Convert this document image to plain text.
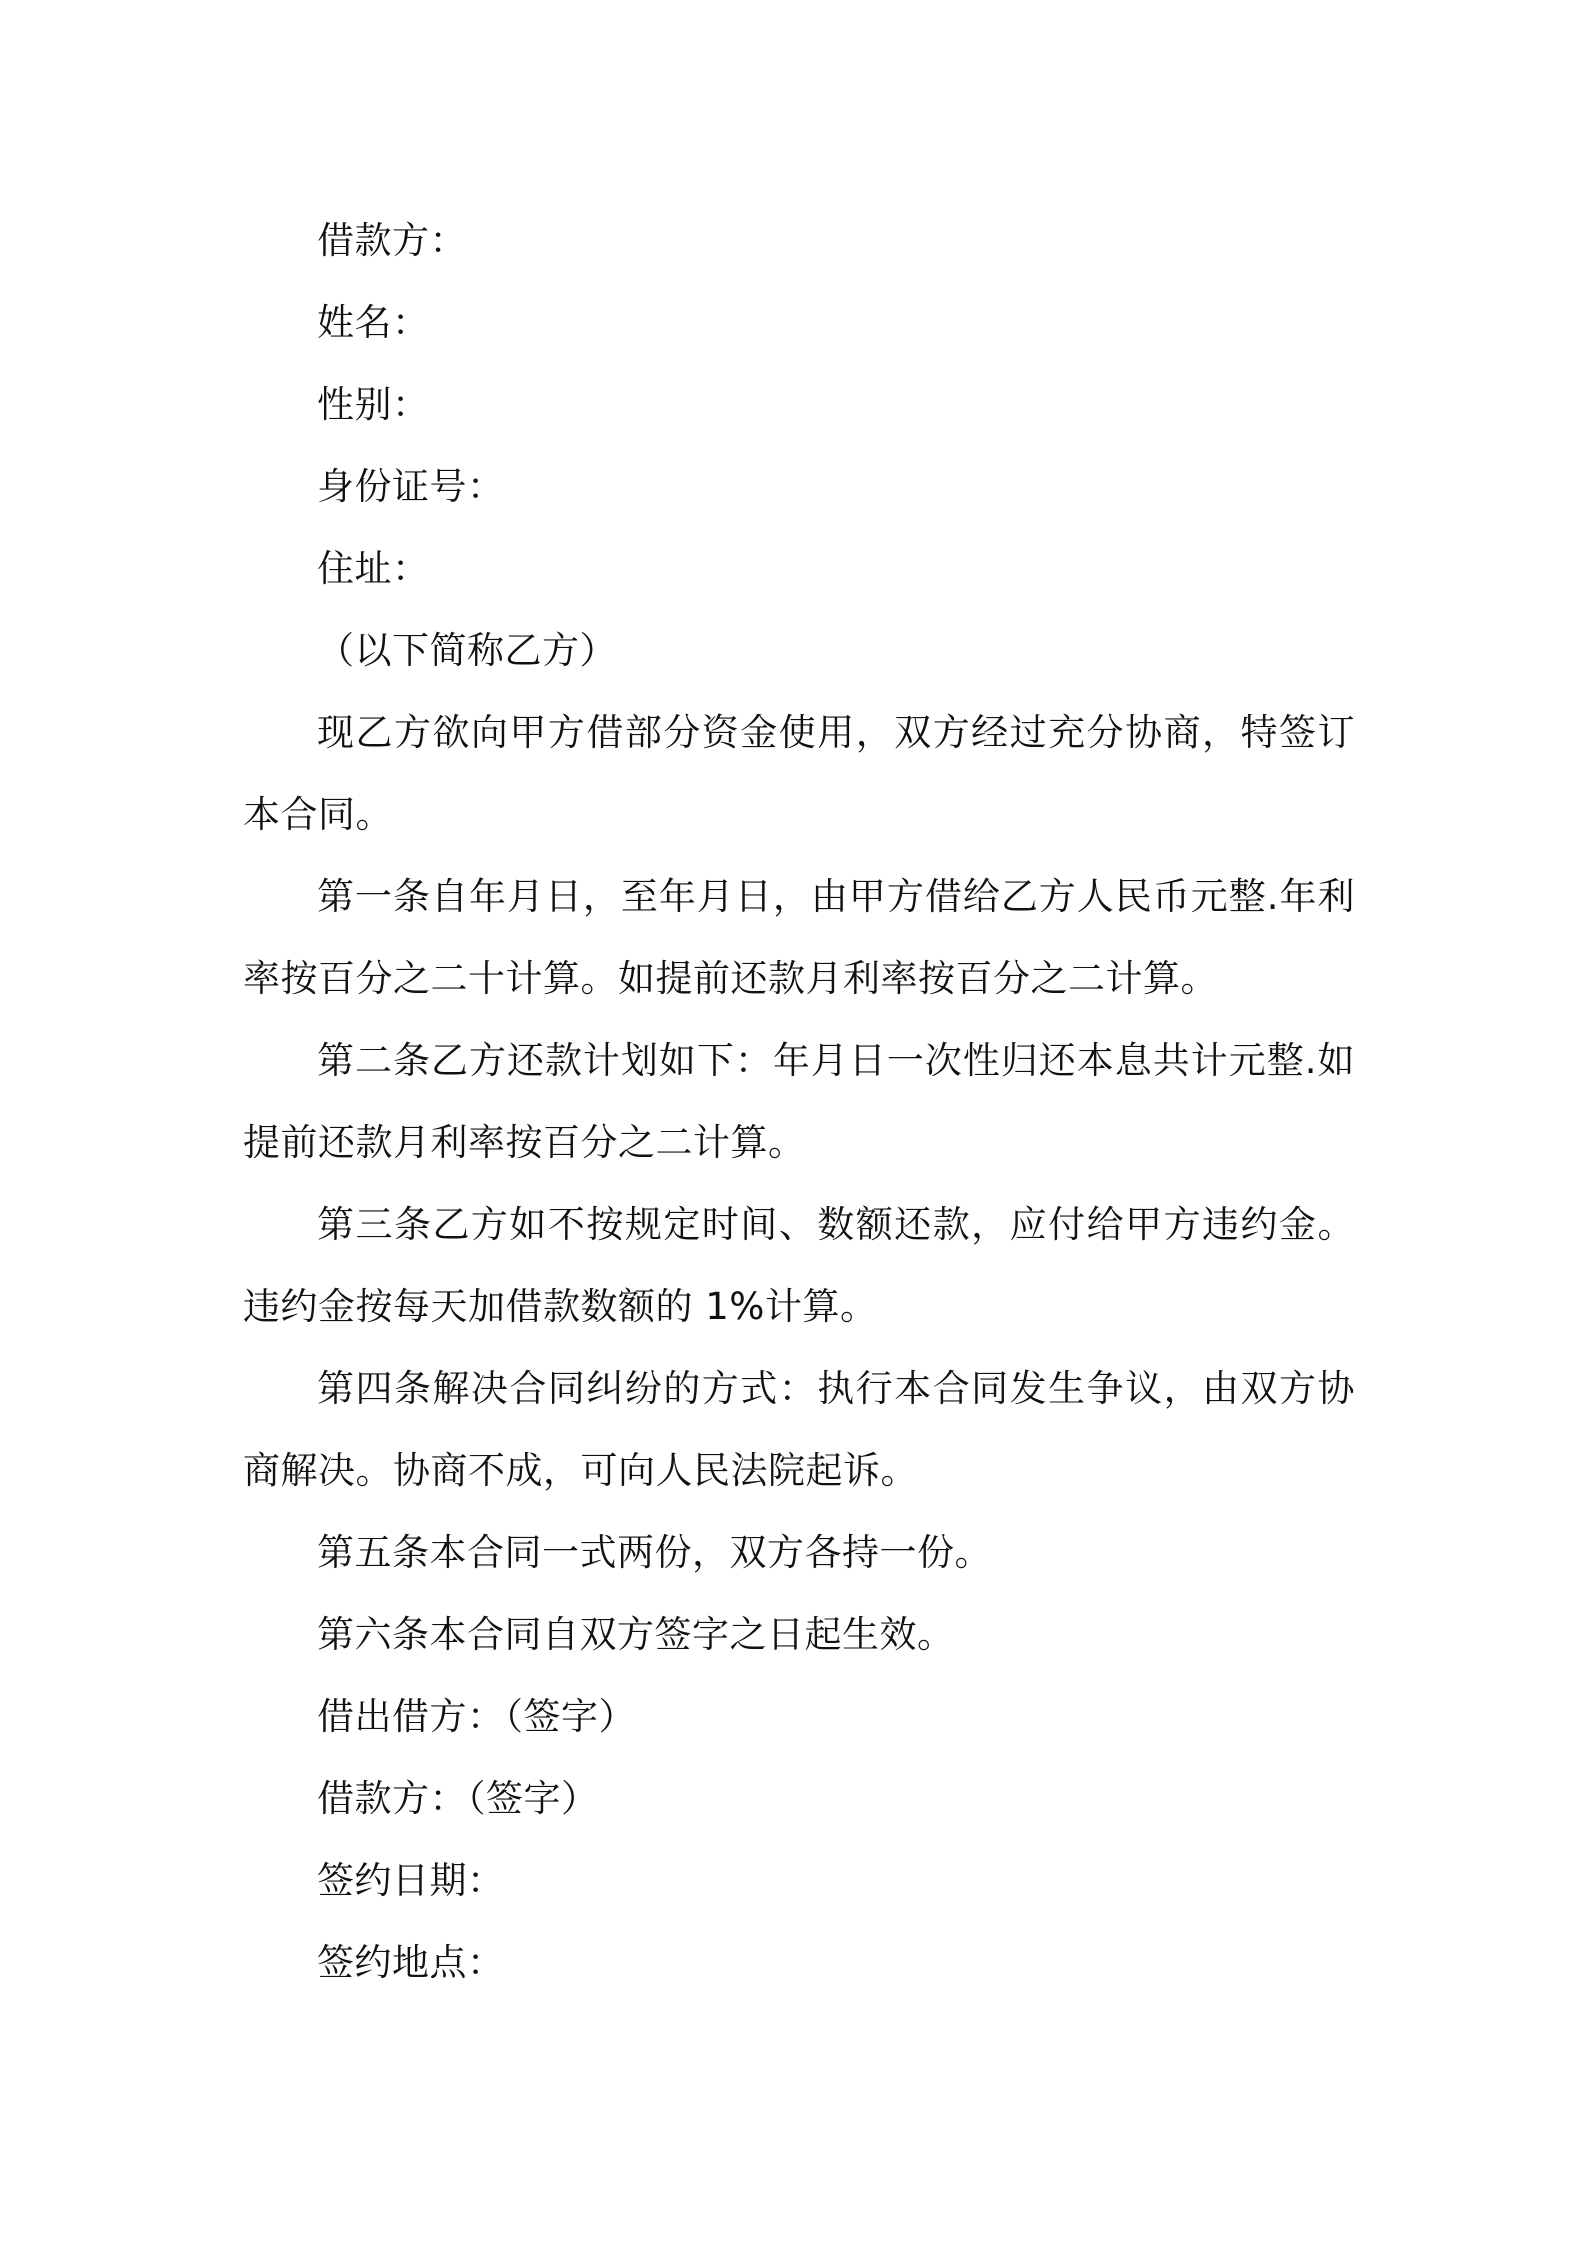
借款方：

姓名：

性别：

身份证号：

住址：

（以下简称乙方）

现乙方欲向甲方借部分资金使用，双方经过充分协商，特签订本合同。

第一条自年月日，至年月日，由甲方借给乙方人民币元整.年利率按百分之二十计算。如提前还款月利率按百分之二计算。

第二条乙方还款计划如下：年月日一次性归还本息共计元整.如提前还款月利率按百分之二计算。

第三条乙方如不按规定时间、数额还款，应付给甲方违约金。违约金按每天加借款数额的 1%计算。

第四条解决合同纠纷的方式：执行本合同发生争议，由双方协商解决。协商不成，可向人民法院起诉。

第五条本合同一式两份，双方各持一份。

第六条本合同自双方签字之日起生效。

借出借方：（签字）

借款方：（签字）

签约日期：

签约地点：
